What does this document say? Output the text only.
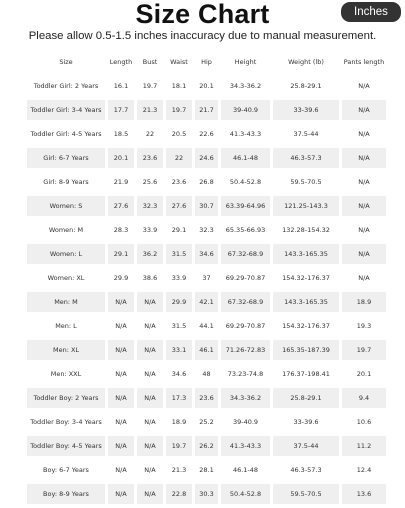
Size Chart	Inches
Please allow 0.5-1.5 inches inaccuracy due to manual measurement.
Size	Length	Bust	Waist	Hip	Height	Weight (lb)	Pants length
Toddler Girl: 2 Years	16.1	19.7	18.1	20.1	34.3-36.2	25.8-29.1	N/A
Toddler Girl: 3-4 Years	17.7	21.3	19.7	21.7	39-40.9	33-39.6	N/A
Toddler Girl: 4-5 Years	18.5	22	20.5	22.6	41.3-43.3	37.5-44	N/A
Girl: 6-7 Years	20.1	23.6	22	24.6	46.1-48	46.3-57.3	N/A
Girl: 8-9 Years	21.9	25.6	23.6	26.8	50.4-52.8	59.5-70.5	N/A
Women: S	27.6	32.3	27.6	30.7	63.39-64.96	121.25-143.3	N/A
Women: M	28.3	33.9	29.1	32.3	65.35-66.93	132.28-154.32	N/A
Women: L	29.1	36.2	31.5	34.6	67.32-68.9	143.3-165.35	N/A
Women: XL	29.9	38.6	33.9	37	69.29-70.87	154.32-176.37	N/A
Men: M	N/A	N/A	29.9	42.1	67.32-68.9	143.3-165.35	18.9
Men: L	N/A	N/A	31.5	44.1	69.29-70.87	154.32-176.37	19.3
Men: XL	N/A	N/A	33.1	46.1	71.26-72.83	165.35-187.39	19.7
Men: XXL	N/A	N/A	34.6	48	73.23-74.8	176.37-198.41	20.1
Toddler Boy: 2 Years	N/A	N/A	17.3	23.6	34.3-36.2	25.8-29.1	9.4
Toddler Boy: 3-4 Years	N/A	N/A	18.9	25.2	39-40.9	33-39.6	10.6
Toddler Boy: 4-5 Years	N/A	N/A	19.7	26.2	41.3-43.3	37.5-44	11.2
Boy: 6-7 Years	N/A	N/A	21.3	28.1	46.1-48	46.3-57.3	12.4
Boy: 8-9 Years	N/A	N/A	22.8	30.3	50.4-52.8	59.5-70.5	13.6
